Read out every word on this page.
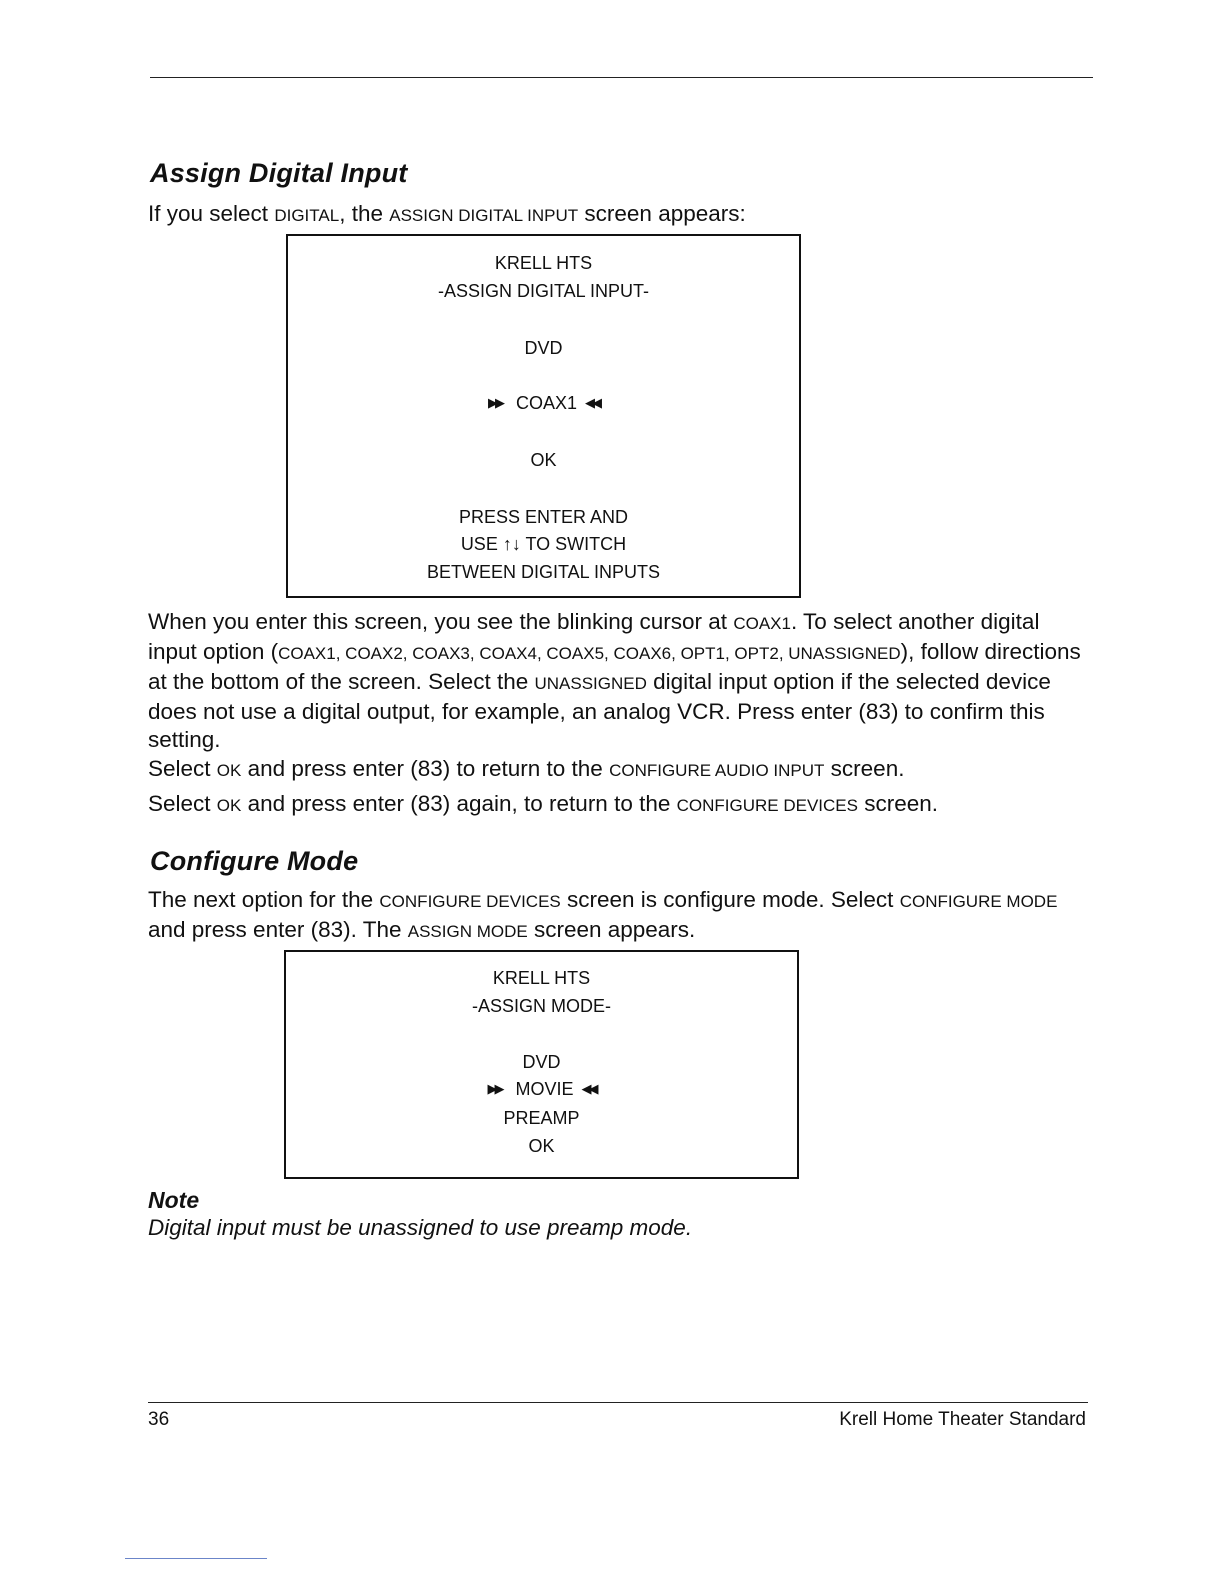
Assign Digital Input

If you select DIGITAL, the ASSIGN DIGITAL INPUT screen appears:

KRELL HTS
-ASSIGN DIGITAL INPUT-
DVD
▶▶ COAX1 ◀◀
OK
PRESS ENTER AND
USE ↑↓ TO SWITCH
BETWEEN DIGITAL INPUTS

When you enter this screen, you see the blinking cursor at COAX1. To select another digital input option (COAX1, COAX2, COAX3, COAX4, COAX5, COAX6, OPT1, OPT2, UNASSIGNED), follow directions at the bottom of the screen. Select the UNASSIGNED digital input option if the selected device does not use a digital output, for example, an analog VCR. Press enter (83) to confirm this setting.

Select OK and press enter (83) to return to the CONFIGURE AUDIO INPUT screen.

Select OK and press enter (83) again, to return to the CONFIGURE DEVICES screen.

Configure Mode

The next option for the CONFIGURE DEVICES screen is configure mode. Select CONFIGURE MODE and press enter (83). The ASSIGN MODE screen appears.

KRELL HTS
-ASSIGN MODE-
DVD
▶▶ MOVIE ◀◀
PREAMP
OK

Note

Digital input must be unassigned to use preamp mode.

36	Krell Home Theater Standard
